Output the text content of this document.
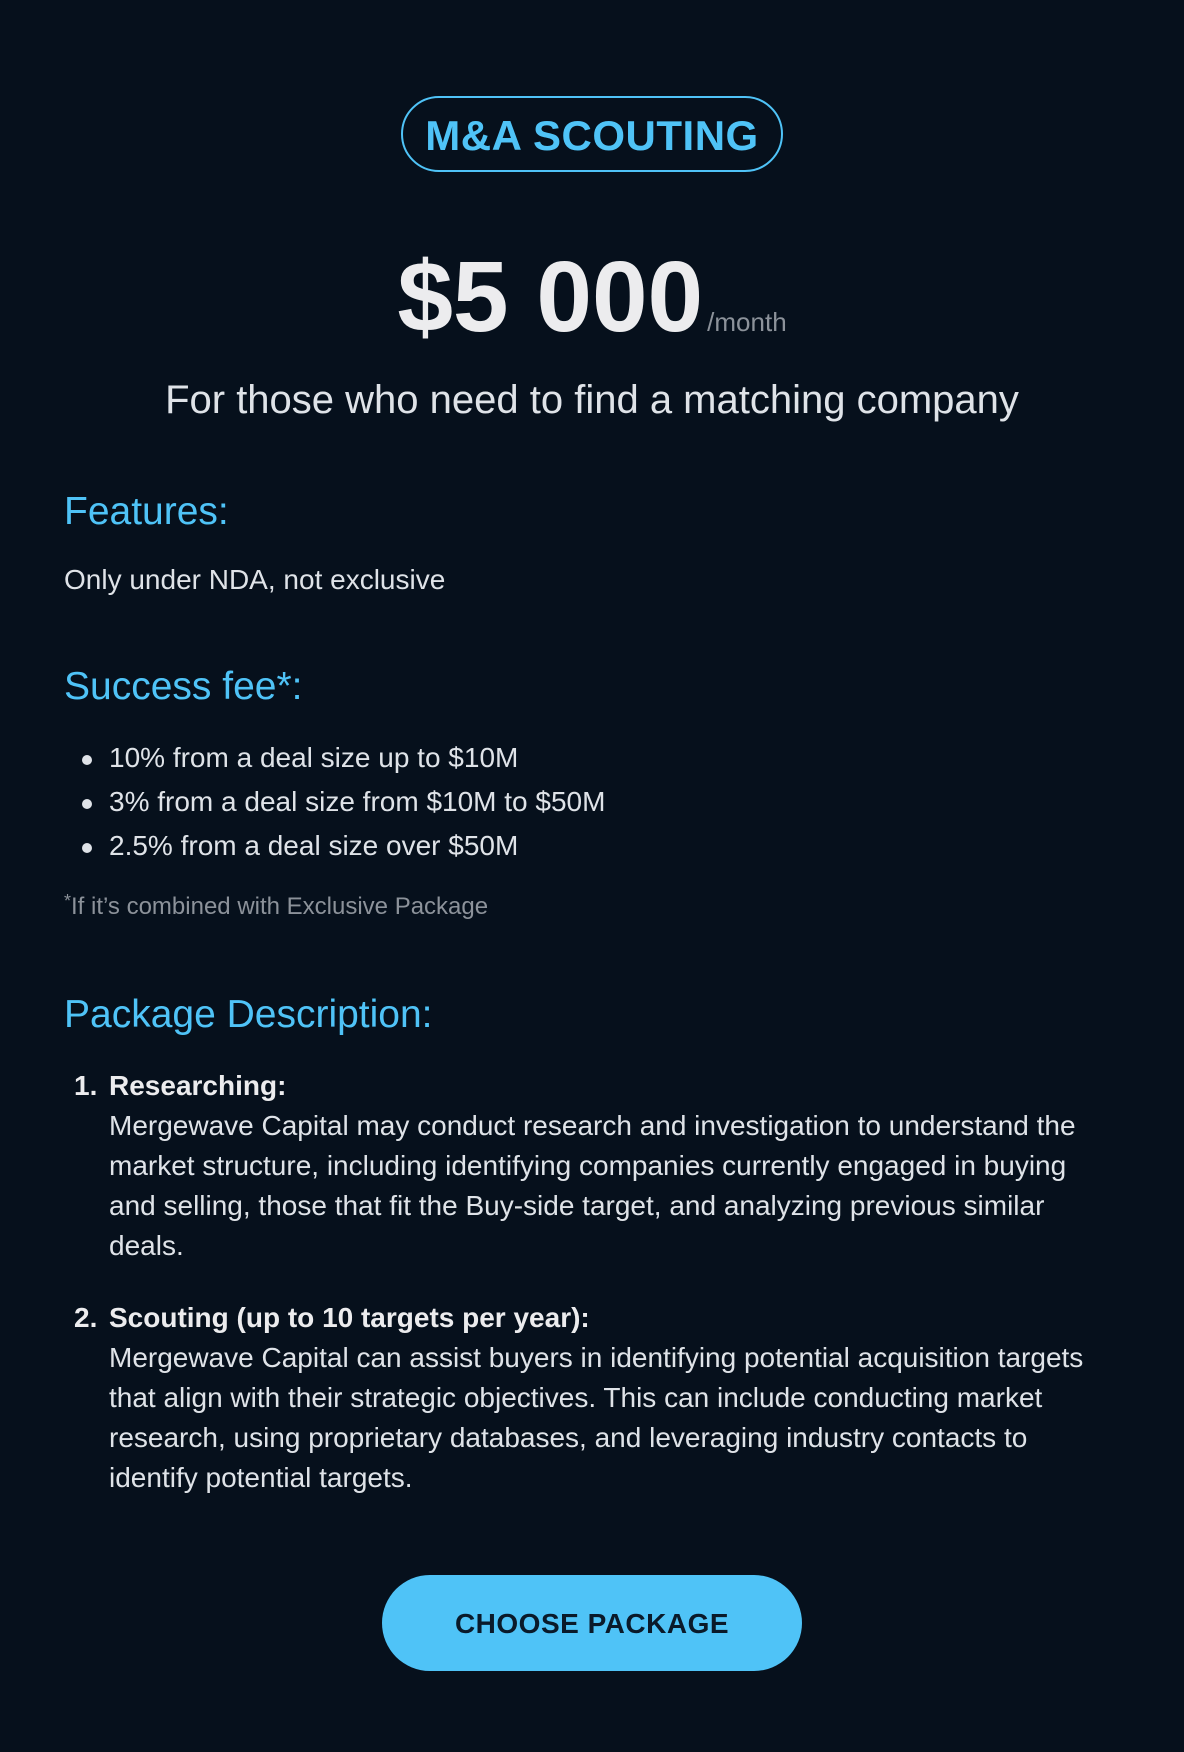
M&A SCOUTING
$5 000 /month
For those who need to find a matching company
Features:
Only under NDA, not exclusive
Success fee*:
10% from a deal size up to $10M
3% from a deal size from $10M to $50M
2.5% from a deal size over $50M
*If it’s combined with Exclusive Package
Package Description:
1. Researching:
Mergewave Capital may conduct research and investigation to understand the market structure, including identifying companies currently engaged in buying and selling, those that fit the Buy-side target, and analyzing previous similar deals.
2. Scouting (up to 10 targets per year):
Mergewave Capital can assist buyers in identifying potential acquisition targets that align with their strategic objectives. This can include conducting market research, using proprietary databases, and leveraging industry contacts to identify potential targets.
CHOOSE PACKAGE
